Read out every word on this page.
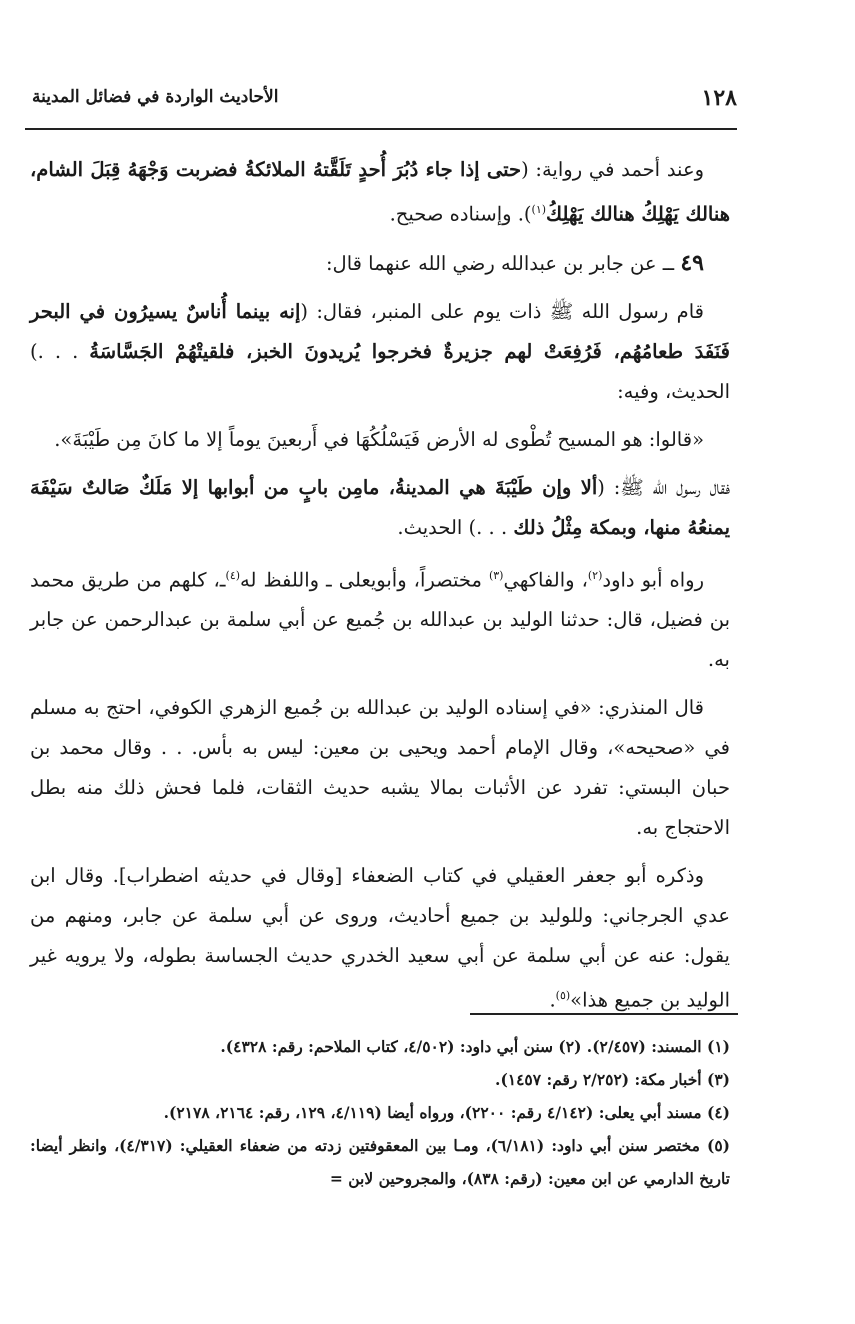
١٢٨
الأحاديث الواردة في فضائل المدينة

وعند أحمد في رواية: (حتى إذا جاء دُبُرَ أُحدٍ تَلَقَّتهُ الملائكةُ فضربت وَجْهَهُ قِبَلَ الشام، هنالك يَهْلِكُ هنالك يَهْلِكُ$^{(١)}$). وإسناده صحيح.

٤٩ ــ عن جابر بن عبدالله رضي الله عنهما قال:

قام رسول الله ﷺ ذات يوم على المنبر، فقال: (إنه بينما أُناسٌ يسيرُون في البحر فَنَفَدَ طعامُهُم، فَرُفِعَتْ لهم جزيرةٌ فخرجوا يُريدونَ الخبز، فلقيتْهُمْ الجَسَّاسَةُ . . .) الحديث، وفيه:

«قالوا: هو المسيح تُطْوى له الأرض فَيَسْلُكُهَا في أَربعينَ يوماً إلا ما كانَ مِن طَيْبَةَ».

فقال رسول الله ﷺ: (ألا وإن طَيْبَةَ هي المدينةُ، مامِن بابٍ من أبوابها إلا مَلَكٌ صَالتٌ سَيْفَهَ يمنعُهُ منها، وبمكة مِثْلُ ذلك . . .) الحديث.

رواه أبو داود$^{(٢)}$، والفاكهي$^{(٣)}$ مختصراً، وأبويعلى ـ واللفظ له$^{(٤)}$ـ، كلهم من طريق محمد بن فضيل، قال: حدثنا الوليد بن عبدالله بن جُميع عن أبي سلمة بن عبدالرحمن عن جابر به.

قال المنذري: «في إسناده الوليد بن عبدالله بن جُميع الزهري الكوفي، احتج به مسلم في «صحيحه»، وقال الإمام أحمد ويحيى بن معين: ليس به بأس. . . وقال محمد بن حبان البستي: تفرد عن الأثبات بمالا يشبه حديث الثقات، فلما فحش ذلك منه بطل الاحتجاج به.

وذكره أبو جعفر العقيلي في كتاب الضعفاء [وقال في حديثه اضطراب]. وقال ابن عدي الجرجاني: وللوليد بن جميع أحاديث، وروى عن أبي سلمة عن جابر، ومنهم من يقول: عنه عن أبي سلمة عن أبي سعيد الخدري حديث الجساسة بطوله، ولا يرويه غير الوليد بن جميع هذا»$^{(٥)}$.

(١) المسند: (٢/٤٥٧). (٢) سنن أبي داود: (٤/٥٠٢، كتاب الملاحم: رقم: ٤٣٢٨).

(٣) أخبار مكة: (٢/٢٥٢ رقم: ١٤٥٧).

(٤) مسند أبي يعلى: (٤/١٤٢ رقم: ٢٢٠٠)، ورواه أيضا (٤/١١٩، ١٢٩، رقم: ٢١٦٤، ٢١٧٨).

(٥) مختصر سنن أبي داود: (٦/١٨١)، ومـا بين المعقوفتين زدته من ضعفاء العقيلي: (٤/٣١٧)، وانظر أيضا: تاريخ الدارمي عن ابن معين: (رقم: ٨٣٨)، والمجروحين لابن =
